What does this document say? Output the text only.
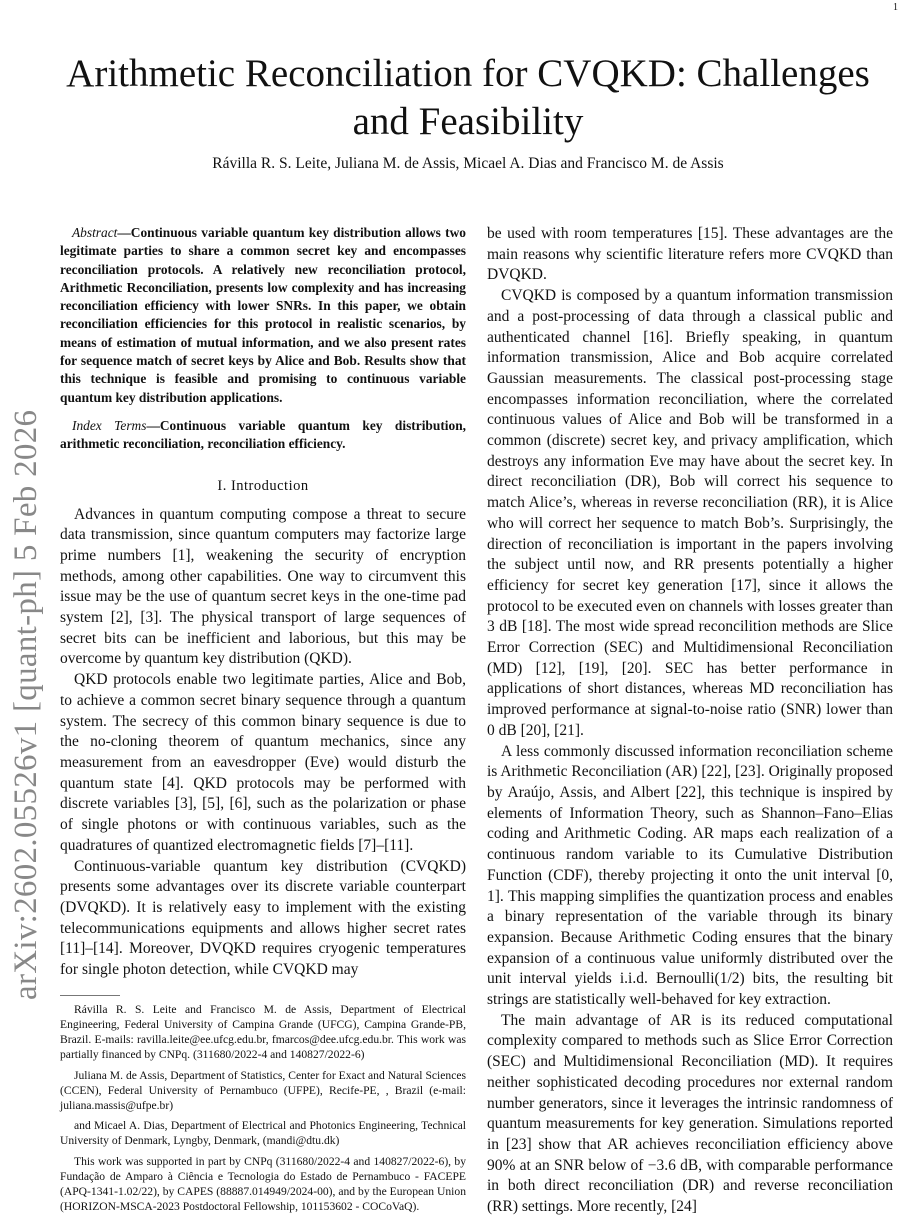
1
arXiv:2602.05526v1 [quant-ph] 5 Feb 2026
Arithmetic Reconciliation for CVQKD: Challenges and Feasibility
Rávilla R. S. Leite, Juliana M. de Assis, Micael A. Dias and Francisco M. de Assis

Abstract—Continuous variable quantum key distribution allows two legitimate parties to share a common secret key and encompasses reconciliation protocols. A relatively new reconciliation protocol, Arithmetic Reconciliation, presents low complexity and has increasing reconciliation efficiency with lower SNRs. In this paper, we obtain reconciliation efficiencies for this protocol in realistic scenarios, by means of estimation of mutual information, and we also present rates for sequence match of secret keys by Alice and Bob. Results show that this technique is feasible and promising to continuous variable quantum key distribution applications.

Index Terms—Continuous variable quantum key distribution, arithmetic reconciliation, reconciliation efficiency.

I. Introduction

Advances in quantum computing compose a threat to secure data transmission, since quantum computers may factorize large prime numbers [1], weakening the security of encryption methods, among other capabilities. One way to circumvent this issue may be the use of quantum secret keys in the one-time pad system [2], [3]. The physical transport of large sequences of secret bits can be inefficient and laborious, but this may be overcome by quantum key distribution (QKD).

QKD protocols enable two legitimate parties, Alice and Bob, to achieve a common secret binary sequence through a quantum system. The secrecy of this common binary sequence is due to the no-cloning theorem of quantum mechanics, since any measurement from an eavesdropper (Eve) would disturb the quantum state [4]. QKD protocols may be performed with discrete variables [3], [5], [6], such as the polarization or phase of single photons or with continuous variables, such as the quadratures of quantized electromagnetic fields [7]–[11].

Continuous-variable quantum key distribution (CVQKD) presents some advantages over its discrete variable counterpart (DVQKD). It is relatively easy to implement with the existing telecommunications equipments and allows higher secret rates [11]–[14]. Moreover, DVQKD requires cryogenic temperatures for single photon detection, while CVQKD may

Rávilla R. S. Leite and Francisco M. de Assis, Department of Electrical Engineering, Federal University of Campina Grande (UFCG), Campina Grande-PB, Brazil. E-mails: ravilla.leite@ee.ufcg.edu.br, fmarcos@dee.ufcg.edu.br. This work was partially financed by CNPq. (311680/2022-4 and 140827/2022-6)

Juliana M. de Assis, Department of Statistics, Center for Exact and Natural Sciences (CCEN), Federal University of Pernambuco (UFPE), Recife-PE, , Brazil (e-mail: juliana.massis@ufpe.br)

and Micael A. Dias, Department of Electrical and Photonics Engineering, Technical University of Denmark, Lyngby, Denmark, (mandi@dtu.dk)

This work was supported in part by CNPq (311680/2022-4 and 140827/2022-6), by Fundação de Amparo à Ciência e Tecnologia do Estado de Pernambuco - FACEPE (APQ-1341-1.02/22), by CAPES (88887.014949/2024-00), and by the European Union (HORIZON-MSCA-2023 Postdoctoral Fellowship, 101153602 - COCoVaQ).

be used with room temperatures [15]. These advantages are the main reasons why scientific literature refers more CVQKD than DVQKD.

CVQKD is composed by a quantum information transmission and a post-processing of data through a classical public and authenticated channel [16]. Briefly speaking, in quantum information transmission, Alice and Bob acquire correlated Gaussian measurements. The classical post-processing stage encompasses information reconciliation, where the correlated continuous values of Alice and Bob will be transformed in a common (discrete) secret key, and privacy amplification, which destroys any information Eve may have about the secret key. In direct reconciliation (DR), Bob will correct his sequence to match Alice’s, whereas in reverse reconciliation (RR), it is Alice who will correct her sequence to match Bob’s. Surprisingly, the direction of reconciliation is important in the papers involving the subject until now, and RR presents potentially a higher efficiency for secret key generation [17], since it allows the protocol to be executed even on channels with losses greater than 3 dB [18]. The most wide spread reconcilition methods are Slice Error Correction (SEC) and Multidimensional Reconciliation (MD) [12], [19], [20]. SEC has better performance in applications of short distances, whereas MD reconciliation has improved performance at signal-to-noise ratio (SNR) lower than 0 dB [20], [21].

A less commonly discussed information reconciliation scheme is Arithmetic Reconciliation (AR) [22], [23]. Originally proposed by Araújo, Assis, and Albert [22], this technique is inspired by elements of Information Theory, such as Shannon–Fano–Elias coding and Arithmetic Coding. AR maps each realization of a continuous random variable to its Cumulative Distribution Function (CDF), thereby projecting it onto the unit interval [0, 1]. This mapping simplifies the quantization process and enables a binary representation of the variable through its binary expansion. Because Arithmetic Coding ensures that the binary expansion of a continuous value uniformly distributed over the unit interval yields i.i.d. Bernoulli(1/2) bits, the resulting bit strings are statistically well-behaved for key extraction.

The main advantage of AR is its reduced computational complexity compared to methods such as Slice Error Correction (SEC) and Multidimensional Reconciliation (MD). It requires neither sophisticated decoding procedures nor external random number generators, since it leverages the intrinsic randomness of quantum measurements for key generation. Simulations reported in [23] show that AR achieves reconciliation efficiency above 90% at an SNR below of −3.6 dB, with comparable performance in both direct reconciliation (DR) and reverse reconciliation (RR) settings. More recently, [24]
